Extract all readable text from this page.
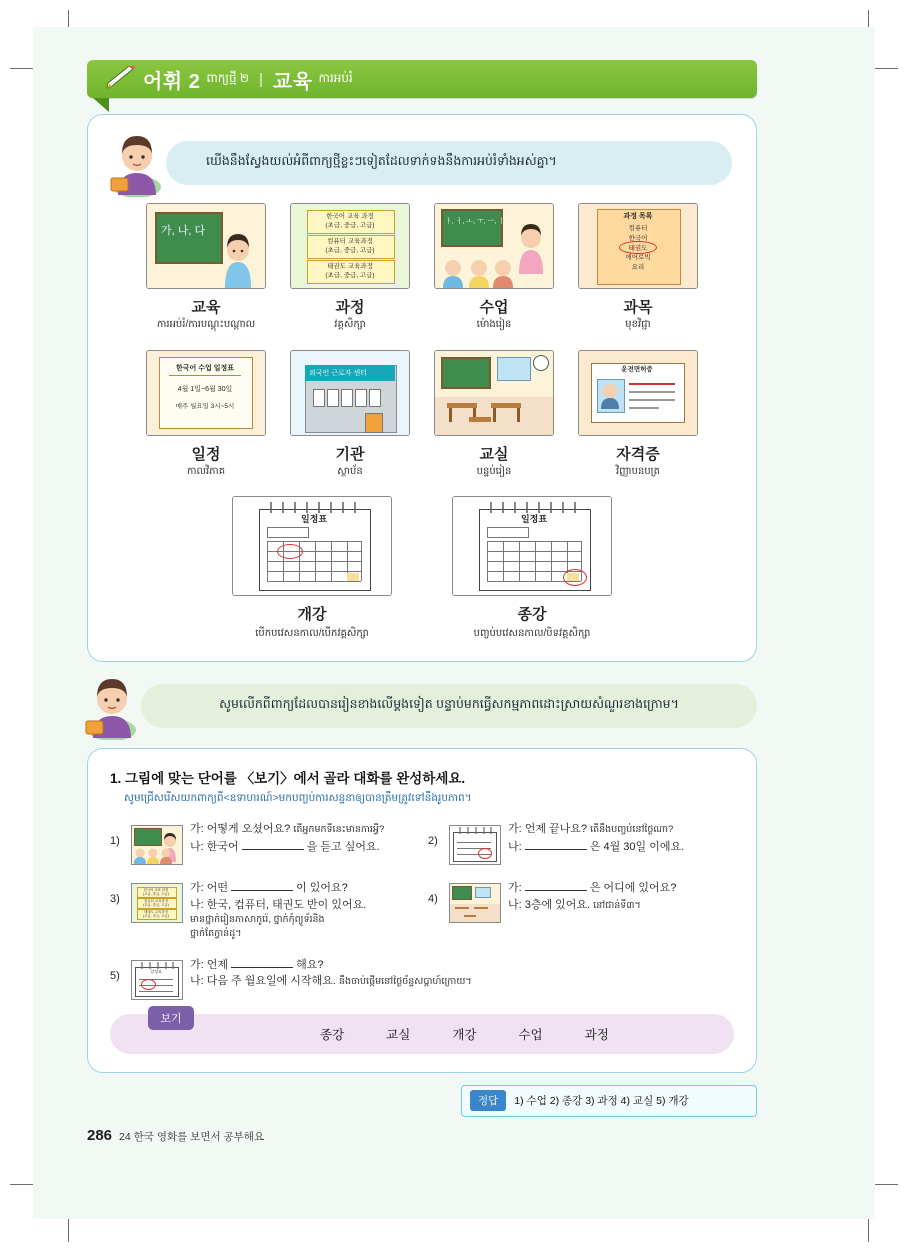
어휘 2 ពាក្យថ្មី ២ | 교육 ការអប់រំ
ឃើងនឹងស្វែងយល់អំពីពាក្យថ្មីខ្លះៗទៀតដែលទាក់ទងនឹងការអប់រំទាំងអស់គ្នា។
가, 나, 다
교육
ការអប់រំ/ការបណ្ដុះបណ្ដាល
한국어 교육 과정
(초급, 중급, 고급)
컴퓨터 교육과정
(초급, 중급, 고급)
태권도 교육과정
(초급, 중급, 고급)
과정
វគ្គសិក្សា
ㅏ, ㅓ, ㅗ, ㅜ, ㅡ, ㅣ
수업
ម៉ោងរៀន
과정 목록
컴퓨터
한국어
태권도
에어로빅
요리
과목
មុខវិជ្ជា
한국어 수업 일정표
4월 1일~6월 30일
매주 월요일 3시~5시
일정
កាលវិភាគ
외국인 근로자 센터
기관
ស្ថាប័ន
교실
បន្ទប់រៀន
운전면허증
자격증
វិញ្ញាបនបត្រ
일정표
개강
បើកបវេសនកាល/បើកវគ្គសិក្សា
일정표
종강
បញ្ចប់បវេសនកាល/បិទវគ្គសិក្សា
សូមលើកពីពាក្យដែលបានរៀនខាងលើម្ដងទៀត បន្ទាប់មកធ្វើសកម្មភាពដោះស្រាយសំណួរខាងក្រោម។
1. 그림에 맞는 단어를 〈보기〉에서 골라 대화를 완성하세요.
សូមជ្រើសរើសយកពាក្យពី<ឧទាហរណ៍>មកបញ្ចប់ការសន្ទនាឲ្យបានត្រឹមត្រូវទៅនឹងរូបភាព។
1)
가: 어떻게 오셨어요? តើអ្នកមកទីនេះមានការអ្វី?
나: 한국어	을 듣고 싶어요.	2)
가: 언제 끝나요? តើនឹងបញ្ចប់នៅថ្ងៃណា?
나:	은 4월 30일 이에요.
3)
한국어 교육 과정
(초급, 중급, 고급)
컴퓨터 교육과정
(초급, 중급, 고급)
태권도 교육과정
(초급, 중급, 고급)
가: 어떤	이 있어요?
나: 한국, 컴퓨터, 태권도 반이 있어요.
មានថ្នាក់រៀនភាសាកូរ៉េ, ថ្នាក់កុំព្យូទ័រនិងថ្នាក់តែក្វាន់ដូ។
4)
가:	은 어디에 있어요?
나: 3층에 있어요. នៅជាន់ទី៣។
5)	일정표
가: 언제	해요?
나: 다음 주 월요일에 시작해요. នឹងចាប់ផ្ដើមនៅថ្ងៃច័ន្ទសប្ដាហ៍ក្រោយ។
보기
종강	교실	개강	수업	과정
정답	1) 수업 2) 종강 3) 과정 4) 교실 5) 개강
286 24 한국 영화를 보면서 공부해요
